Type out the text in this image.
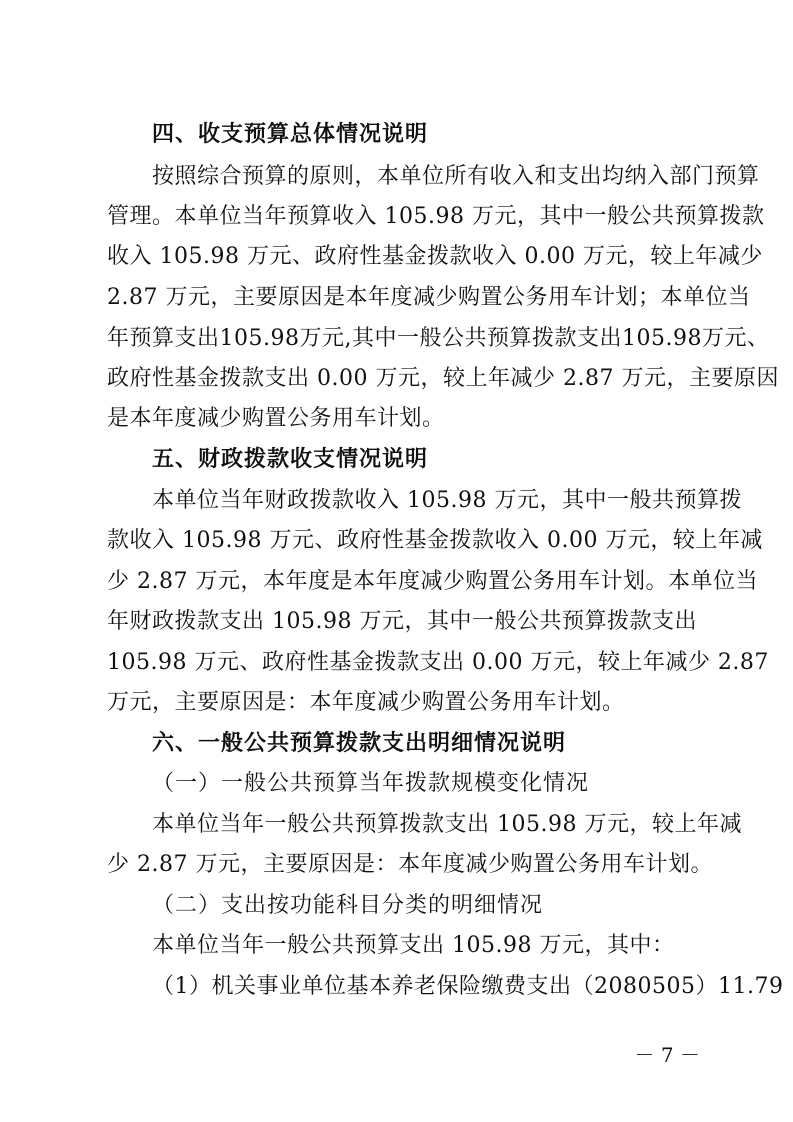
四、收支预算总体情况说明
按照综合预算的原则，本单位所有收入和支出均纳入部门预算
管理。本单位当年预算收入 105.98 万元，其中一般公共预算拨款
收入 105.98 万元、政府性基金拨款收入 0.00 万元，较上年减少
2.87 万元，主要原因是本年度减少购置公务用车计划；本单位当
年预算支出105.98万元,其中一般公共预算拨款支出105.98万元、
政府性基金拨款支出 0.00 万元，较上年减少 2.87 万元，主要原因
是本年度减少购置公务用车计划。
五、财政拨款收支情况说明
本单位当年财政拨款收入 105.98 万元，其中一般共预算拨
款收入 105.98 万元、政府性基金拨款收入 0.00 万元，较上年减
少 2.87 万元，本年度是本年度减少购置公务用车计划。本单位当
年财政拨款支出 105.98 万元，其中一般公共预算拨款支出
105.98 万元、政府性基金拨款支出 0.00 万元，较上年减少 2.87
万元，主要原因是：本年度减少购置公务用车计划。
六、一般公共预算拨款支出明细情况说明
（一）一般公共预算当年拨款规模变化情况
本单位当年一般公共预算拨款支出 105.98 万元，较上年减
少 2.87 万元，主要原因是：本年度减少购置公务用车计划。
（二）支出按功能科目分类的明细情况
本单位当年一般公共预算支出 105.98 万元，其中：
（1）机关事业单位基本养老保险缴费支出（2080505）11.79
－ 7 －
